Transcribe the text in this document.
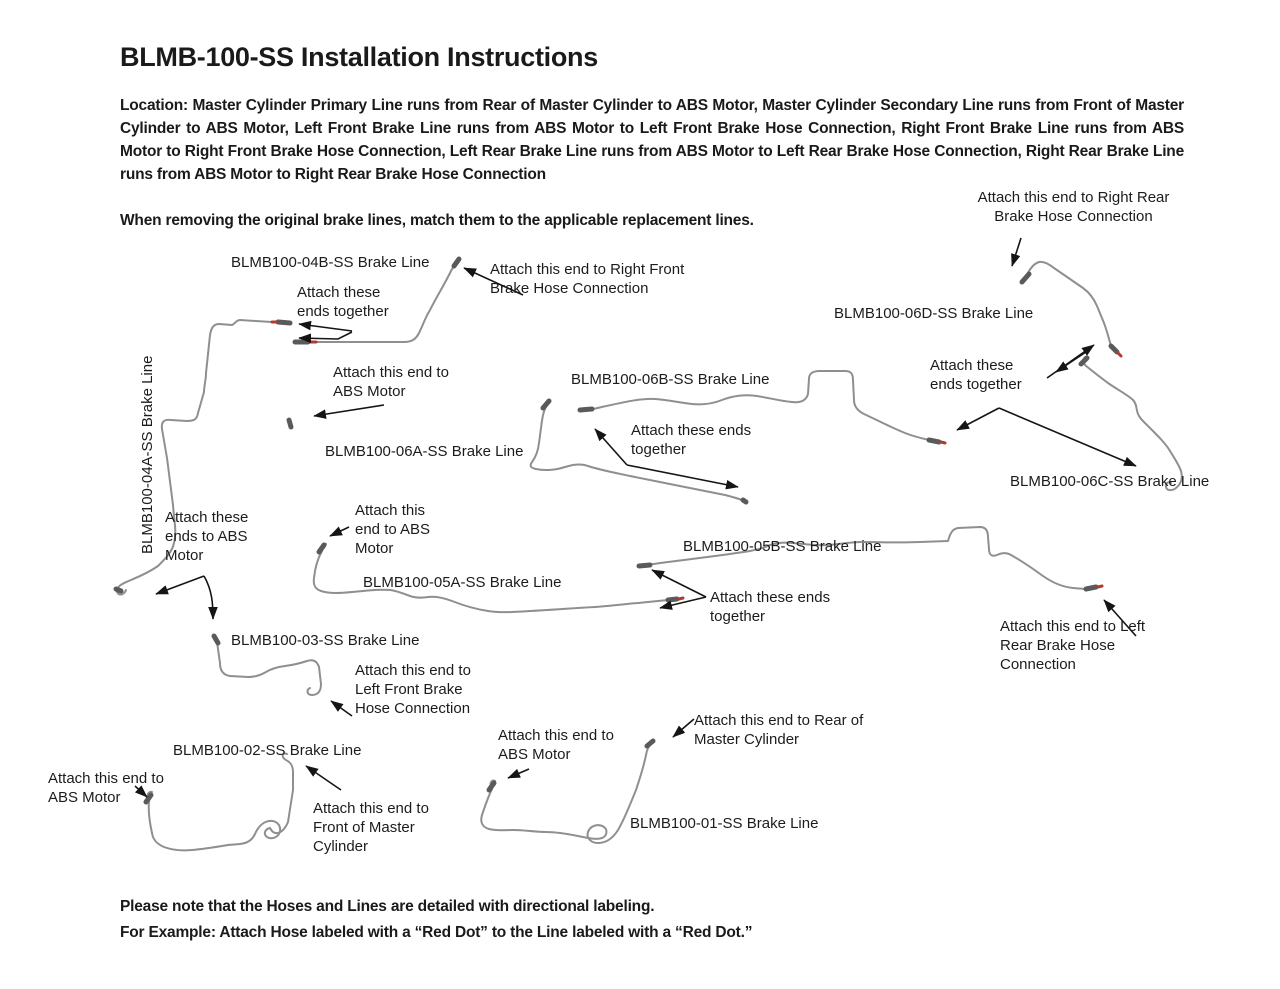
BLMB-100-SS Installation Instructions
Location: Master Cylinder Primary Line runs from Rear of Master Cylinder to ABS Motor, Master Cylinder Secondary Line runs from Front of Master Cylinder to ABS Motor, Left Front Brake Line runs from ABS Motor to Left Front Brake Hose Connection, Right Front Brake Line runs from ABS Motor to Right Front Brake Hose Connection, Left Rear Brake Line runs from ABS Motor to Left Rear Brake Hose Connection, Right Rear Brake Line runs from ABS Motor to Right Rear Brake Hose Connection
When removing the original brake lines, match them to the applicable replacement lines.
BLMB100-04B-SS Brake Line
BLMB100-04A-SS Brake Line
BLMB100-06D-SS Brake Line
BLMB100-06B-SS Brake Line
BLMB100-06A-SS Brake Line
BLMB100-06C-SS Brake Line
BLMB100-05B-SS Brake Line
BLMB100-05A-SS Brake Line
BLMB100-03-SS Brake Line
BLMB100-02-SS Brake Line
BLMB100-01-SS Brake Line
Attach this end to Right Front Brake Hose Connection
Attach this end to Right Rear Brake Hose Connection
Attach these ends together
Attach this end to ABS Motor
Attach these ends together
Attach these ends together
Attach these ends to ABS Motor
Attach this end to ABS Motor
Attach these ends together
Attach this end to Left Rear Brake Hose Connection
Attach this end to Left Front Brake Hose Connection
Attach this end to ABS Motor
Attach this end to Front of Master Cylinder
Attach this end to ABS Motor
Attach this end to Rear of Master Cylinder
Please note that the Hoses and Lines are detailed with directional labeling.
For Example: Attach Hose labeled with a “Red Dot” to the Line labeled with a “Red Dot.”
